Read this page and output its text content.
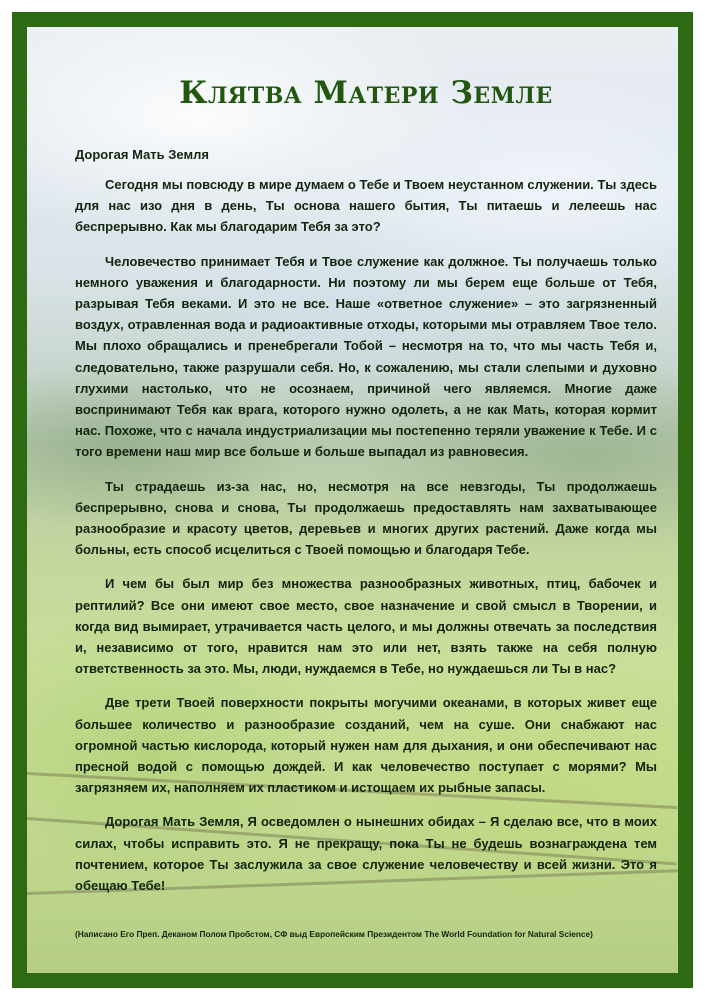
Клятва Матери Земле

Дорогая Мать Земля

Сегодня мы повсюду в мире думаем о Тебе и Твоем неустанном служении. Ты здесь для нас изо дня в день, Ты основа нашего бытия, Ты питаешь и лелеешь нас беспрерывно. Как мы благодарим Тебя за это?

Человечество принимает Тебя и Твое служение как должное. Ты получаешь только немного уважения и благодарности. Ни поэтому ли мы берем еще больше от Тебя, разрывая Тебя веками. И это не все. Наше «ответное служение» – это загрязненный воздух, отравленная вода и радиоактивные отходы, которыми мы отравляем Твое тело. Мы плохо обращались и пренебрегали Тобой – несмотря на то, что мы часть Тебя и, следовательно, также разрушали себя. Но, к сожалению, мы стали слепыми и духовно глухими настолько, что не осознаем, причиной чего являемся. Многие даже воспринимают Тебя как врага, которого нужно одолеть, а не как Мать, которая кормит нас. Похоже, что с начала индустриализации мы постепенно теряли уважение к Тебе. И с того времени наш мир все больше и больше выпадал из равновесия.

Ты страдаешь из-за нас, но, несмотря на все невзгоды, Ты продолжаешь беспрерывно, снова и снова, Ты продолжаешь предоставлять нам захватывающее разнообразие и красоту цветов, деревьев и многих других растений. Даже когда мы больны, есть способ исцелиться с Твоей помощью и благодаря Тебе.

И чем бы был мир без множества разнообразных животных, птиц, бабочек и рептилий? Все они имеют свое место, свое назначение и свой смысл в Творении, и когда вид вымирает, утрачивается часть целого, и мы должны отвечать за последствия и, независимо от того, нравится нам это или нет, взять также на себя полную ответственность за это. Мы, люди, нуждаемся в Тебе, но нуждаешься ли Ты в нас?

Две трети Твоей поверхности покрыты могучими океанами, в которых живет еще большее количество и разнообразие созданий, чем на суше. Они снабжают нас огромной частью кислорода, который нужен нам для дыхания, и они обеспечивают нас пресной водой с помощью дождей. И как человечество поступает с морями? Мы загрязняем их, наполняем их пластиком и истощаем их рыбные запасы.

Дорогая Мать Земля, Я осведомлен о нынешних обидах – Я сделаю все, что в моих силах, чтобы исправить это. Я не прекращу, пока Ты не будешь вознаграждена тем почтением, которое Ты заслужила за свое служение человечеству и всей жизни. Это я обещаю Тебе!

(Написано Его Преп. Деканом Полом Пробстом, СФ выд Европейским Президентом The World Foundation for Natural Science)
